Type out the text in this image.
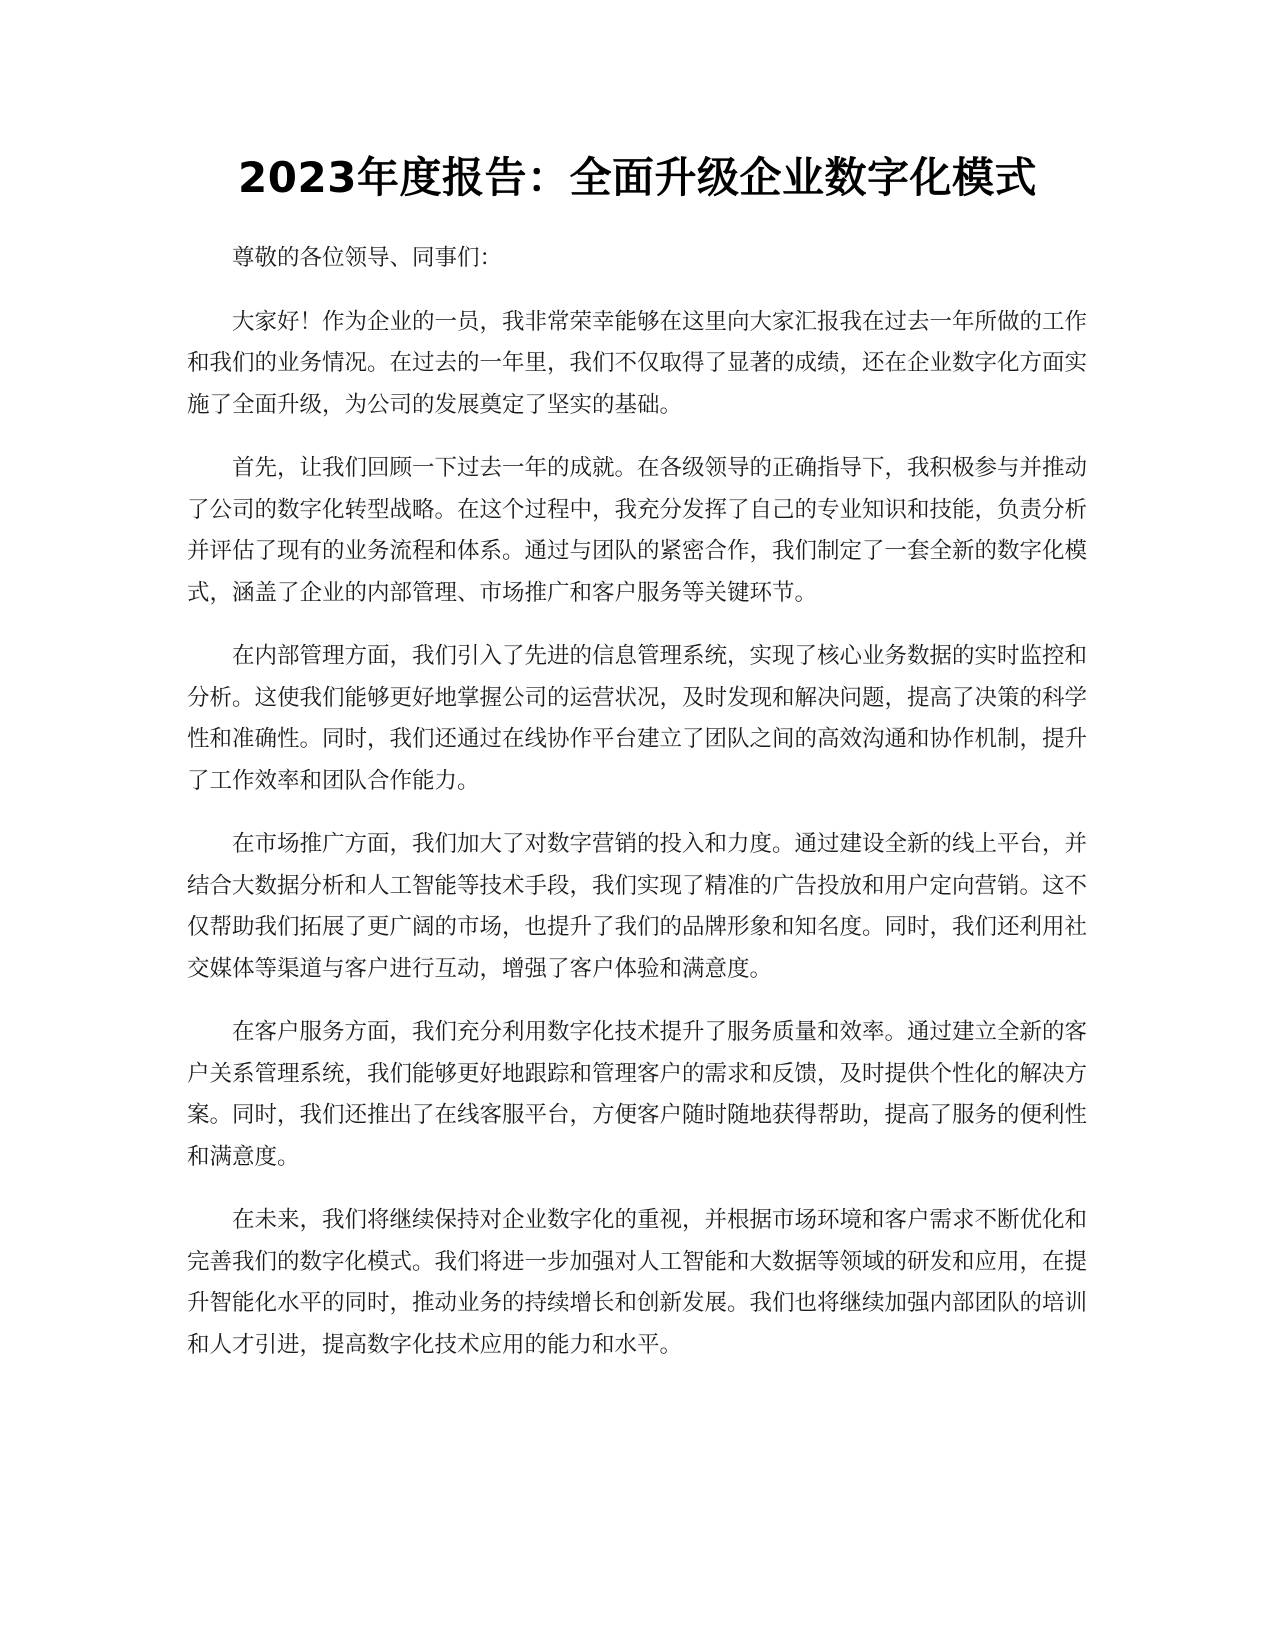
2023年度报告：全面升级企业数字化模式

尊敬的各位领导、同事们：

大家好！作为企业的一员，我非常荣幸能够在这里向大家汇报我在过去一年所做的工作和我们的业务情况。在过去的一年里，我们不仅取得了显著的成绩，还在企业数字化方面实施了全面升级，为公司的发展奠定了坚实的基础。

首先，让我们回顾一下过去一年的成就。在各级领导的正确指导下，我积极参与并推动了公司的数字化转型战略。在这个过程中，我充分发挥了自己的专业知识和技能，负责分析并评估了现有的业务流程和体系。通过与团队的紧密合作，我们制定了一套全新的数字化模式，涵盖了企业的内部管理、市场推广和客户服务等关键环节。

在内部管理方面，我们引入了先进的信息管理系统，实现了核心业务数据的实时监控和分析。这使我们能够更好地掌握公司的运营状况，及时发现和解决问题，提高了决策的科学性和准确性。同时，我们还通过在线协作平台建立了团队之间的高效沟通和协作机制，提升了工作效率和团队合作能力。

在市场推广方面，我们加大了对数字营销的投入和力度。通过建设全新的线上平台，并结合大数据分析和人工智能等技术手段，我们实现了精准的广告投放和用户定向营销。这不仅帮助我们拓展了更广阔的市场，也提升了我们的品牌形象和知名度。同时，我们还利用社交媒体等渠道与客户进行互动，增强了客户体验和满意度。

在客户服务方面，我们充分利用数字化技术提升了服务质量和效率。通过建立全新的客户关系管理系统，我们能够更好地跟踪和管理客户的需求和反馈，及时提供个性化的解决方案。同时，我们还推出了在线客服平台，方便客户随时随地获得帮助，提高了服务的便利性和满意度。

在未来，我们将继续保持对企业数字化的重视，并根据市场环境和客户需求不断优化和完善我们的数字化模式。我们将进一步加强对人工智能和大数据等领域的研发和应用，在提升智能化水平的同时，推动业务的持续增长和创新发展。我们也将继续加强内部团队的培训和人才引进，提高数字化技术应用的能力和水平。
